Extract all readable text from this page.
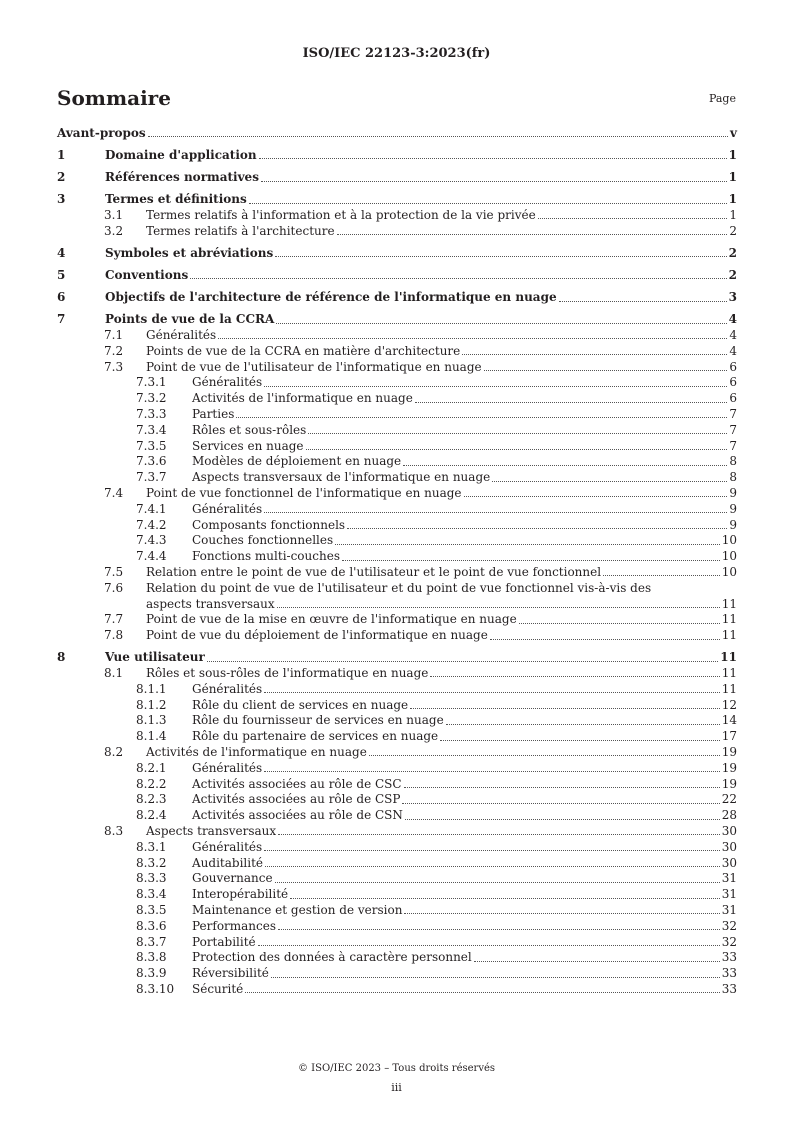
ISO/IEC 22123-3:2023(fr)
Sommaire	Page
Avant-propos	v
1	Domaine d'application	1
2	Références normatives	1
3	Termes et définitions	1
3.1 Termes relatifs à l'information et à la protection de la vie privée	1
3.2 Termes relatifs à l'architecture	2
4	Symboles et abréviations	2
5	Conventions	2
6	Objectifs de l'architecture de référence de l'informatique en nuage	3
7	Points de vue de la CCRA	4
7.1 Généralités	4
7.2 Points de vue de la CCRA en matière d'architecture	4
7.3 Point de vue de l'utilisateur de l'informatique en nuage	6
7.3.1 Généralités	6
7.3.2 Activités de l'informatique en nuage	6
7.3.3 Parties	7
7.3.4 Rôles et sous-rôles	7
7.3.5 Services en nuage	7
7.3.6 Modèles de déploiement en nuage	8
7.3.7 Aspects transversaux de l'informatique en nuage	8
7.4 Point de vue fonctionnel de l'informatique en nuage	9
7.4.1 Généralités	9
7.4.2 Composants fonctionnels	9
7.4.3 Couches fonctionnelles	10
7.4.4 Fonctions multi-couches	10
7.5 Relation entre le point de vue de l'utilisateur et le point de vue fonctionnel	10
7.6 Relation du point de vue de l'utilisateur et du point de vue fonctionnel vis-à-vis des
aspects transversaux	11
7.7 Point de vue de la mise en œuvre de l'informatique en nuage	11
7.8 Point de vue du déploiement de l'informatique en nuage	11
8	Vue utilisateur	11
8.1 Rôles et sous-rôles de l'informatique en nuage	11
8.1.1 Généralités	11
8.1.2 Rôle du client de services en nuage	12
8.1.3 Rôle du fournisseur de services en nuage	14
8.1.4 Rôle du partenaire de services en nuage	17
8.2 Activités de l'informatique en nuage	19
8.2.1 Généralités	19
8.2.2 Activités associées au rôle de CSC	19
8.2.3 Activités associées au rôle de CSP	22
8.2.4 Activités associées au rôle de CSN	28
8.3 Aspects transversaux	30
8.3.1 Généralités	30
8.3.2 Auditabilité	30
8.3.3 Gouvernance	31
8.3.4 Interopérabilité	31
8.3.5 Maintenance et gestion de version	31
8.3.6 Performances	32
8.3.7 Portabilité	32
8.3.8 Protection des données à caractère personnel	33
8.3.9 Réversibilité	33
8.3.10 Sécurité	33
© ISO/IEC 2023 – Tous droits réservés
iii
